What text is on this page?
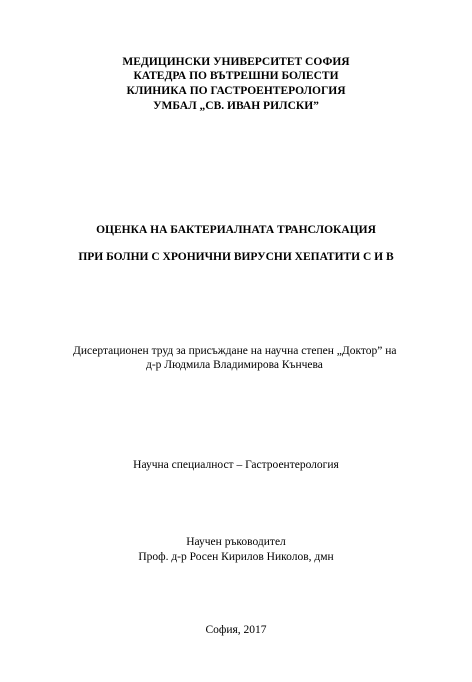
МЕДИЦИНСКИ УНИВЕРСИТЕТ СОФИЯ
КАТЕДРА ПО ВЪТРЕШНИ БОЛЕСТИ
КЛИНИКА ПО ГАСТРОЕНТЕРОЛОГИЯ
УМБАЛ „СВ. ИВАН РИЛСКИ”
ОЦЕНКА НА БАКТЕРИАЛНАТА ТРАНСЛОКАЦИЯ
ПРИ БОЛНИ С ХРОНИЧНИ ВИРУСНИ ХЕПАТИТИ С И В
Дисертационен труд за присъждане на научна степен „Доктор” на
д-р Людмила Владимирова Кънчева
Научна специалност – Гастроентерология
Научен ръководител
Проф. д-р Росен Кирилов Николов, дмн
София, 2017
